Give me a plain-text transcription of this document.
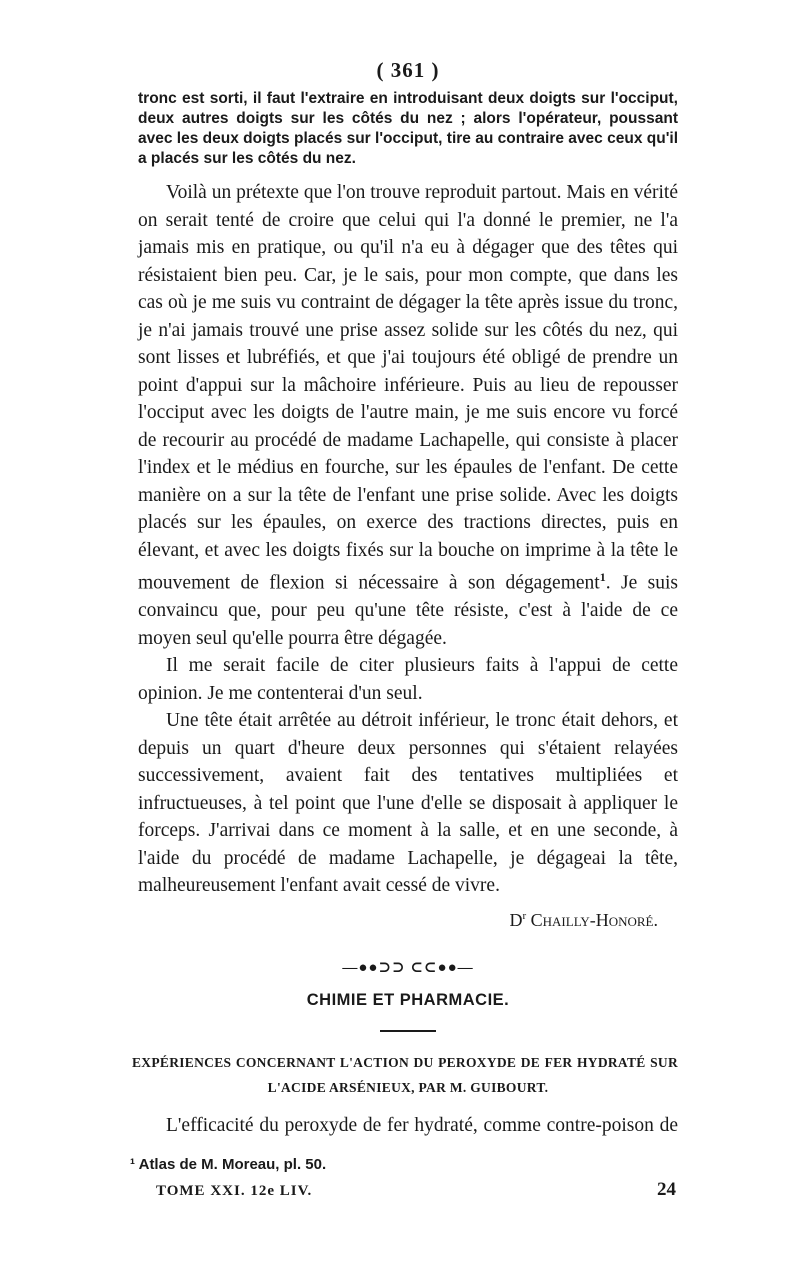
( 361 )

tronc est sorti, il faut l'extraire en introduisant deux doigts sur l'occiput, deux autres doigts sur les côtés du nez ; alors l'opérateur, poussant avec les deux doigts placés sur l'occiput, tire au contraire avec ceux qu'il a placés sur les côtés du nez.

Voilà un prétexte que l'on trouve reproduit partout. Mais en vérité on serait tenté de croire que celui qui l'a donné le premier, ne l'a jamais mis en pratique, ou qu'il n'a eu à dégager que des têtes qui résistaient bien peu. Car, je le sais, pour mon compte, que dans les cas où je me suis vu contraint de dégager la tête après issue du tronc, je n'ai jamais trouvé une prise assez solide sur les côtés du nez, qui sont lisses et lubréfiés, et que j'ai toujours été obligé de prendre un point d'appui sur la mâchoire inférieure. Puis au lieu de repousser l'occiput avec les doigts de l'autre main, je me suis encore vu forcé de recourir au procédé de madame Lachapelle, qui consiste à placer l'index et le médius en fourche, sur les épaules de l'enfant. De cette manière on a sur la tête de l'enfant une prise solide. Avec les doigts placés sur les épaules, on exerce des tractions directes, puis en élevant, et avec les doigts fixés sur la bouche on imprime à la tête le mouvement de flexion si nécessaire à son dégagement$^1$. Je suis convaincu que, pour peu qu'une tête résiste, c'est à l'aide de ce moyen seul qu'elle pourra être dégagée.

Il me serait facile de citer plusieurs faits à l'appui de cette opinion. Je me contenterai d'un seul.

Une tête était arrêtée au détroit inférieur, le tronc était dehors, et depuis un quart d'heure deux personnes qui s'étaient relayées successivement, avaient fait des tentatives multipliées et infructueuses, à tel point que l'une d'elle se disposait à appliquer le forceps. J'arrivai dans ce moment à la salle, et en une seconde, à l'aide du procédé de madame Lachapelle, je dégageai la tête, malheureusement l'enfant avait cessé de vivre.

$D^r$ Chailly-Honoré.
—●●⊃⊃ ⊂⊂●●—
CHIMIE ET PHARMACIE.
EXPÉRIENCES CONCERNANT L'ACTION DU PEROXYDE DE FER HYDRATÉ SUR
L'ACIDE ARSÉNIEUX, PAR M. GUIBOURT.

L'efficacité du peroxyde de fer hydraté, comme contre-poison de

¹ Atlas de M. Moreau, pl. 50.
TOME XXI. 12e LIV.	24
